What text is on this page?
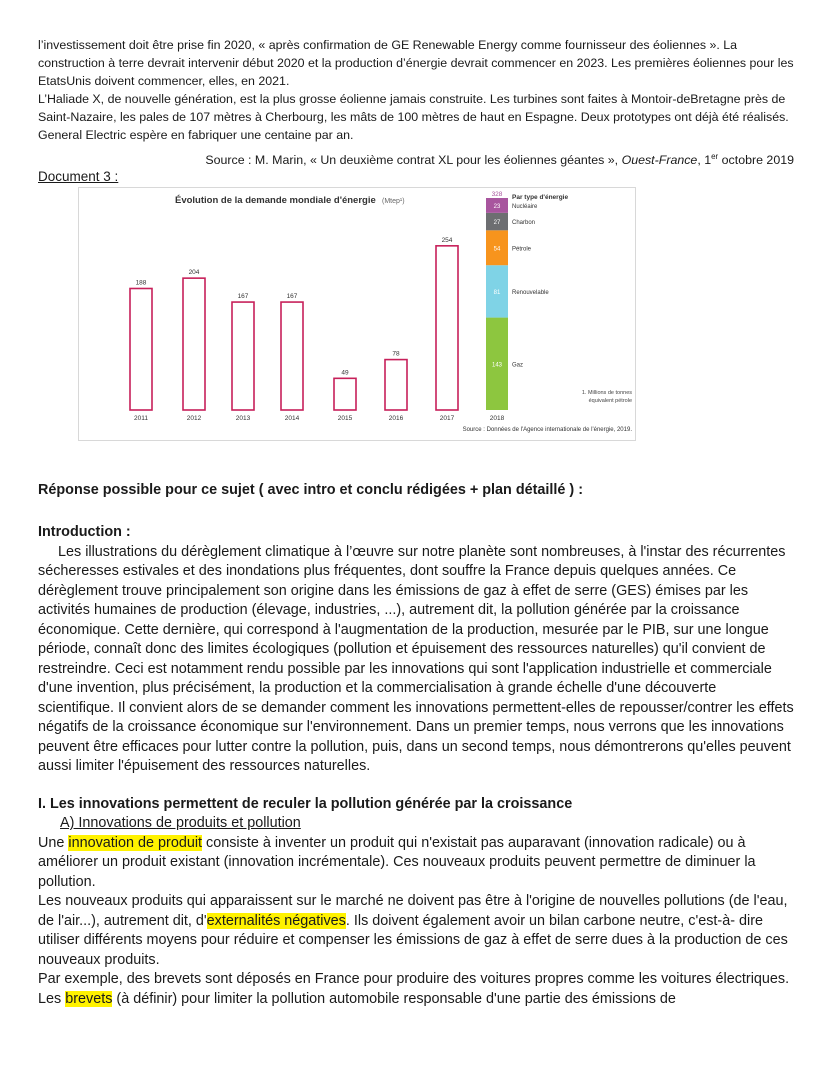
l’investissement doit être prise fin 2020, « après confirmation de GE Renewable Energy comme fournisseur des éoliennes ». La construction à terre devrait intervenir début 2020 et la production d’énergie devrait commencer en 2023. Les premières éoliennes pour les EtatsUnis doivent commencer, elles, en 2021.

L’Haliade X, de nouvelle génération, est la plus grosse éolienne jamais construite. Les turbines sont faites à Montoir-deBretagne près de Saint-Nazaire, les pales de 107 mètres à Cherbourg, les mâts de 100 mètres de haut en Espagne. Deux prototypes ont déjà été réalisés. General Electric espère en fabriquer une centaine par an.

Source : M. Marin, « Un deuxième contrat XL pour les éoliennes géantes », Ouest-France, 1er octobre 2019
Document 3 :
Évolution de la demande mondiale d'énergie (Mtep¹)
188
2011
204
2012
167
2013
167
2014
49
2015
78
2016
254
2017
328
143 Gaz
81 Renouvelable
54 Pétrole
27 Charbon
23 Nucléaire
2018
Par type d'énergie
1. Millions de tonnes
équivalent pétrole
Source : Données de l'Agence internationale de l'énergie, 2019.
Réponse possible pour ce sujet ( avec intro et conclu rédigées + plan détaillé ) :
Introduction :

Les illustrations du dérèglement climatique à l’œuvre sur notre planète sont nombreuses, à l'instar des récurrentes sécheresses estivales et des inondations plus fréquentes, dont souffre la France depuis quelques années. Ce dérèglement trouve principalement son origine dans les émissions de gaz à effet de serre (GES) émises par les activités humaines de production (élevage, industries, ...), autrement dit, la pollution générée par la croissance économique. Cette dernière, qui correspond à l'augmentation de la production, mesurée par le PIB, sur une longue période, connaît donc des limites écologiques (pollution et épuisement des ressources naturelles) qu'il convient de restreindre. Ceci est notamment rendu possible par les innovations qui sont l'application industrielle et commerciale d'une invention, plus précisément, la production et la commercialisation à grande échelle d'une découverte scientifique. Il convient alors de se demander comment les innovations permettent-elles de repousser/contrer les effets négatifs de la croissance économique sur l'environnement. Dans un premier temps, nous verrons que les innovations peuvent être efficaces pour lutter contre la pollution, puis, dans un second temps, nous démontrerons qu'elles peuvent aussi limiter l'épuisement des ressources naturelles.

I. Les innovations permettent de reculer la pollution générée par la croissance

A) Innovations de produits et pollution

Une innovation de produit consiste à inventer un produit qui n'existait pas auparavant (innovation radicale) ou à améliorer un produit existant (innovation incrémentale). Ces nouveaux produits peuvent permettre de diminuer la pollution.

Les nouveaux produits qui apparaissent sur le marché ne doivent pas être à l'origine de nouvelles pollutions (de l'eau, de l'air...), autrement dit, d'externalités négatives. Ils doivent également avoir un bilan carbone neutre, c'est-à- dire utiliser différents moyens pour réduire et compenser les émissions de gaz à effet de serre dues à la production de ces nouveaux produits.

Par exemple, des brevets sont déposés en France pour produire des voitures propres comme les voitures électriques. Les brevets (à définir) pour limiter la pollution automobile responsable d'une partie des émissions de
